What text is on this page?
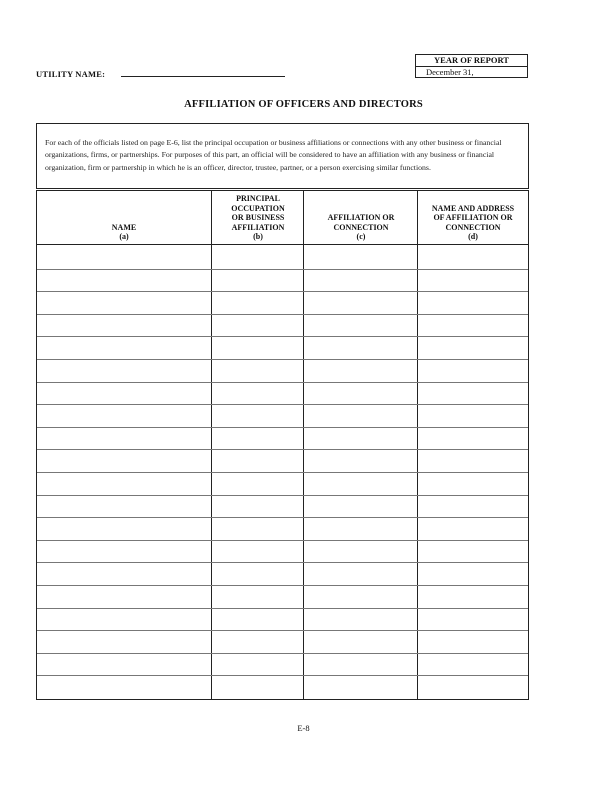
UTILITY NAME:
YEAR OF REPORT
December 31,
AFFILIATION OF OFFICERS AND DIRECTORS
For each of the officials listed on page E-6, list the principal occupation or business affiliations or connections with any other business or financial organizations, firms, or partnerships. For purposes of this part, an official will be considered to have an affiliation with any business or financial organization, firm or partnership in which he is an officer, director, trustee, partner, or a person exercising similar functions.
NAME
(a)
PRINCIPAL
OCCUPATION
OR BUSINESS
AFFILIATION
(b)
AFFILIATION OR
CONNECTION
(c)
NAME AND ADDRESS
OF AFFILIATION OR
CONNECTION
(d)
E-8
